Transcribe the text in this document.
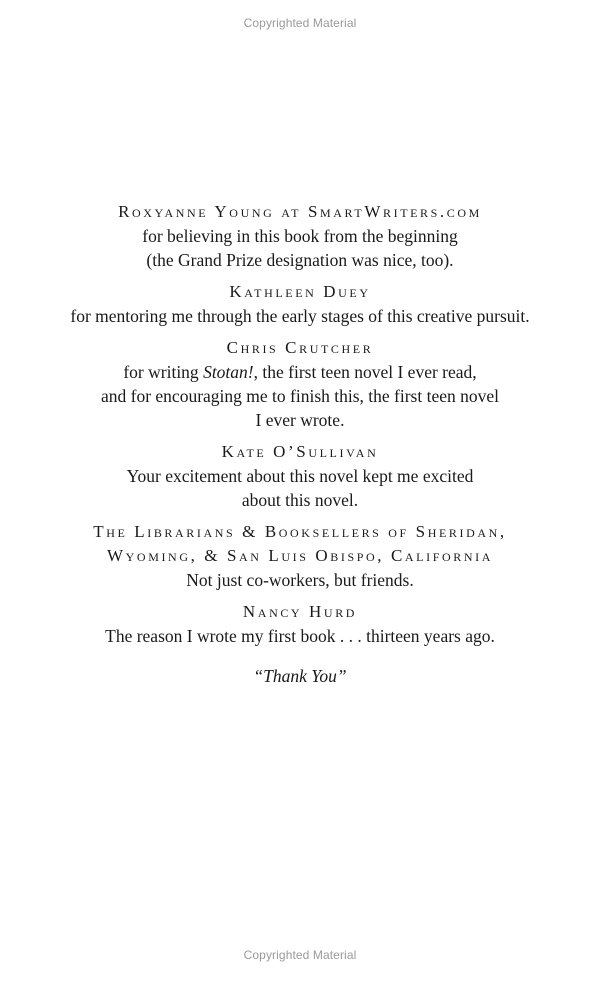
Copyrighted Material
Roxyanne Young at SmartWriters.com
for believing in this book from the beginning
(the Grand Prize designation was nice, too).
Kathleen Duey
for mentoring me through the early stages of this creative pursuit.
Chris Crutcher
for writing Stotan!, the first teen novel I ever read,
and for encouraging me to finish this, the first teen novel
I ever wrote.
Kate O’Sullivan
Your excitement about this novel kept me excited
about this novel.
The Librarians & Booksellers of Sheridan,
Wyoming, & San Luis Obispo, California
Not just co-workers, but friends.
Nancy Hurd
The reason I wrote my first book . . . thirteen years ago.
“Thank You”
Copyrighted Material
